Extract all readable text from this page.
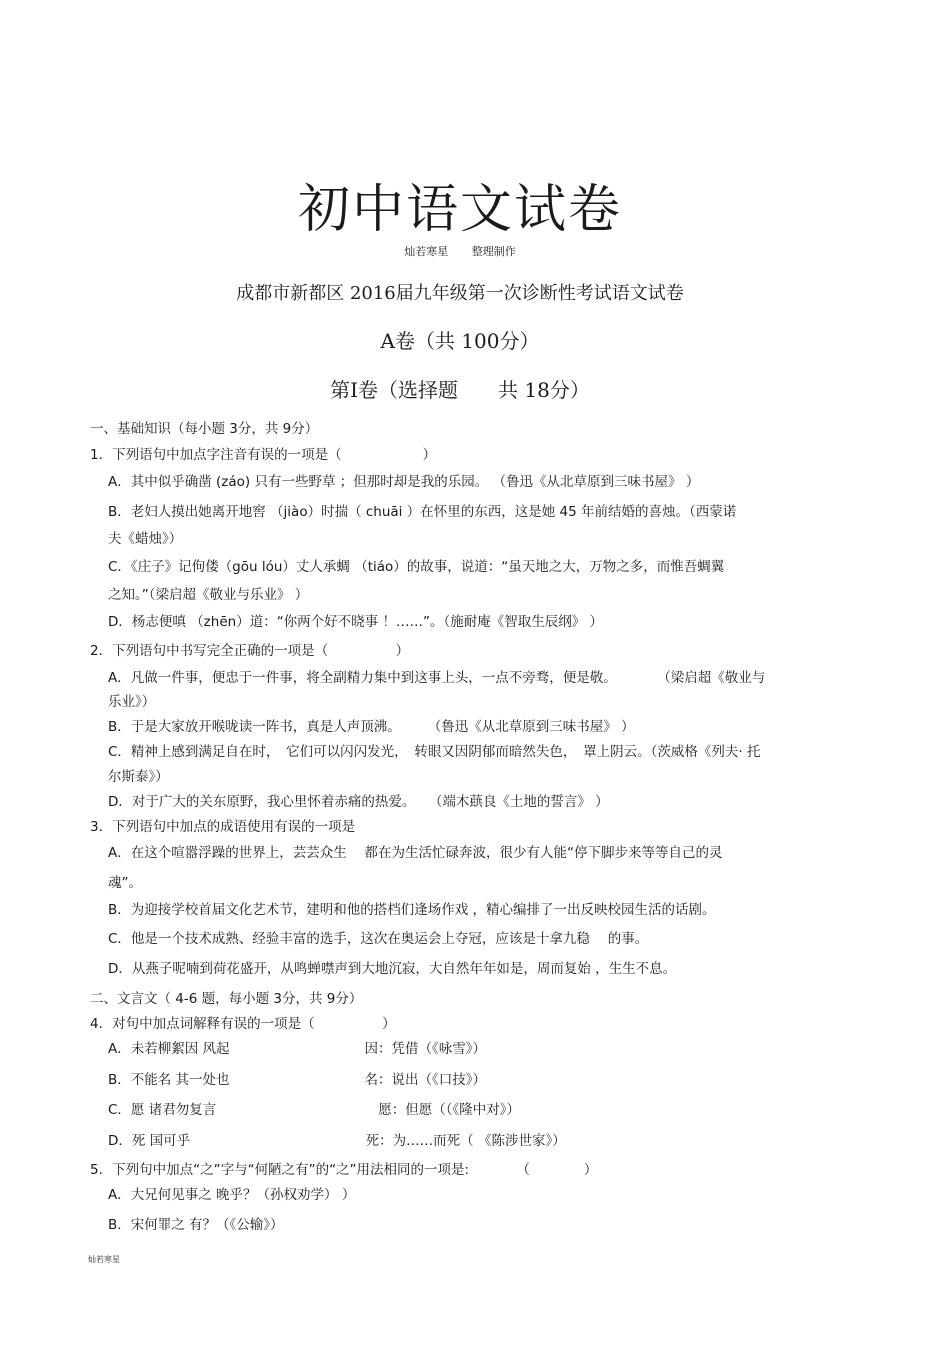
初中语文试卷
灿若寒星 整理制作
成都市新都区 2016届九年级第一次诊断性考试语文试卷
A卷（共 100分）
第Ⅰ卷（选择题　　共 18分）
一、基础知识（每小题 3分，共 9分）
1．下列语句中加点字注音有误的一项是（　　　　　　）
A．其中似乎确凿 (záo) 只有一些野草 ；但那时却是我的乐园。 （鲁迅《从北草原到三味书屋》 ）
B．老妇人摸出她离开地窖 （jiào）时揣（ chuāi ）在怀里的东西，这是她 45 年前结婚的喜烛。（西蒙诺
夫《蜡烛》）
C．《庄子》记佝偻（gōu lóu）丈人承蜩 （tiáo）的故事，说道：“虽天地之大，万物之多，而惟吾蜩翼
之知。”（梁启超《敬业与乐业》 ）
D．杨志便嗔 （zhēn）道：“你两个好不晓事 ！……”。（施耐庵《智取生辰纲》 ）
2．下列语句中书写完全正确的一项是（　　　　　）
A．凡做一件事，便忠于一件事，将全副精力集中到这事上头，一点不旁骛，便是敬。　　　　（梁启超《敬业与
乐业》）
B．于是大家放开喉咙读一阵书，真是人声顶沸。　　　（鲁迅《从北草原到三味书屋》 ）
C．精神上感到满足自在时，　它们可以闪闪发光，　转眼又因阴郁而暗然失色，　罩上阴云。（茨威格《列夫· 托
尔斯泰》）
D．对于广大的关东原野，我心里怀着赤痛的热爱。　　（端木蕻良《土地的誓言》 ）
3．下列语句中加点的成语使用有误的一项是
A．在这个喧嚣浮躁的世界上，芸芸众生 　都在为生活忙碌奔波，很少有人能“停下脚步来等等自己的灵
魂”。
B．为迎接学校首届文化艺术节，建明和他的搭档们逢场作戏 ，精心编排了一出反映校园生活的话剧。
C．他是一个技术成熟、经验丰富的选手，这次在奥运会上夺冠，应该是十拿九稳 　的事。
D．从燕子呢喃到荷花盛开，从鸣蝉噤声到大地沉寂，大自然年年如是，周而复始 ，生生不息。
二、文言文（ 4-6 题，每小题 3分，共 9分）
4．对句中加点词解释有误的一项是（　　　　　）
A．未若柳絮因 风起　　　　　　　　　　因：凭借（《咏雪》）
B．不能名 其一处也　　　　　　　　　　名：说出（《口技》）
C．愿 诸君勿复言　　　　　　　　　　　　愿：但愿（（《隆中对》）
D．死 国可乎　　　　　　　　　　　　　死：为……而死（ 《陈涉世家》）
5．下列句中加点“之”字与“何陋之有”的“之”用法相同的一项是:　　　　（　　　　）
A．大兄何见事之 晚乎？（孙权劝学） ）
B．宋何罪之 有？（《公输》）
灿若寒星
